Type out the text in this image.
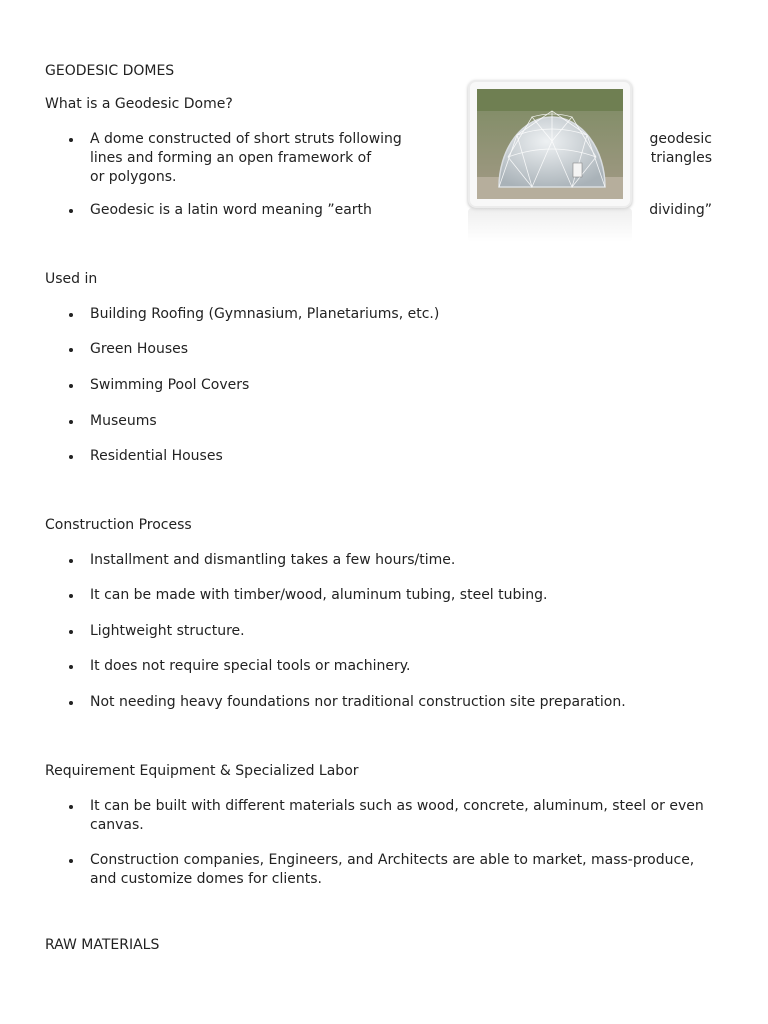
GEODESIC DOMES
What is a Geodesic Dome?
A dome constructed of short struts following	geodesic
lines and forming an open framework of	triangles
or polygons.
Geodesic is a latin word meaning ”earth	dividing”
Used in
Building Roofing (Gymnasium, Planetariums, etc.)
Green Houses
Swimming Pool Covers
Museums
Residential Houses
Construction Process
Installment and dismantling takes a few hours/time.
It can be made with timber/wood, aluminum tubing, steel tubing.
Lightweight structure.
It does not require special tools or machinery.
Not needing heavy foundations nor traditional construction site preparation.
Requirement Equipment & Specialized Labor
It can be built with different materials such as wood, concrete, aluminum, steel or even canvas.
Construction companies, Engineers, and Architects are able to market, mass-produce, and customize domes for clients.
RAW MATERIALS
